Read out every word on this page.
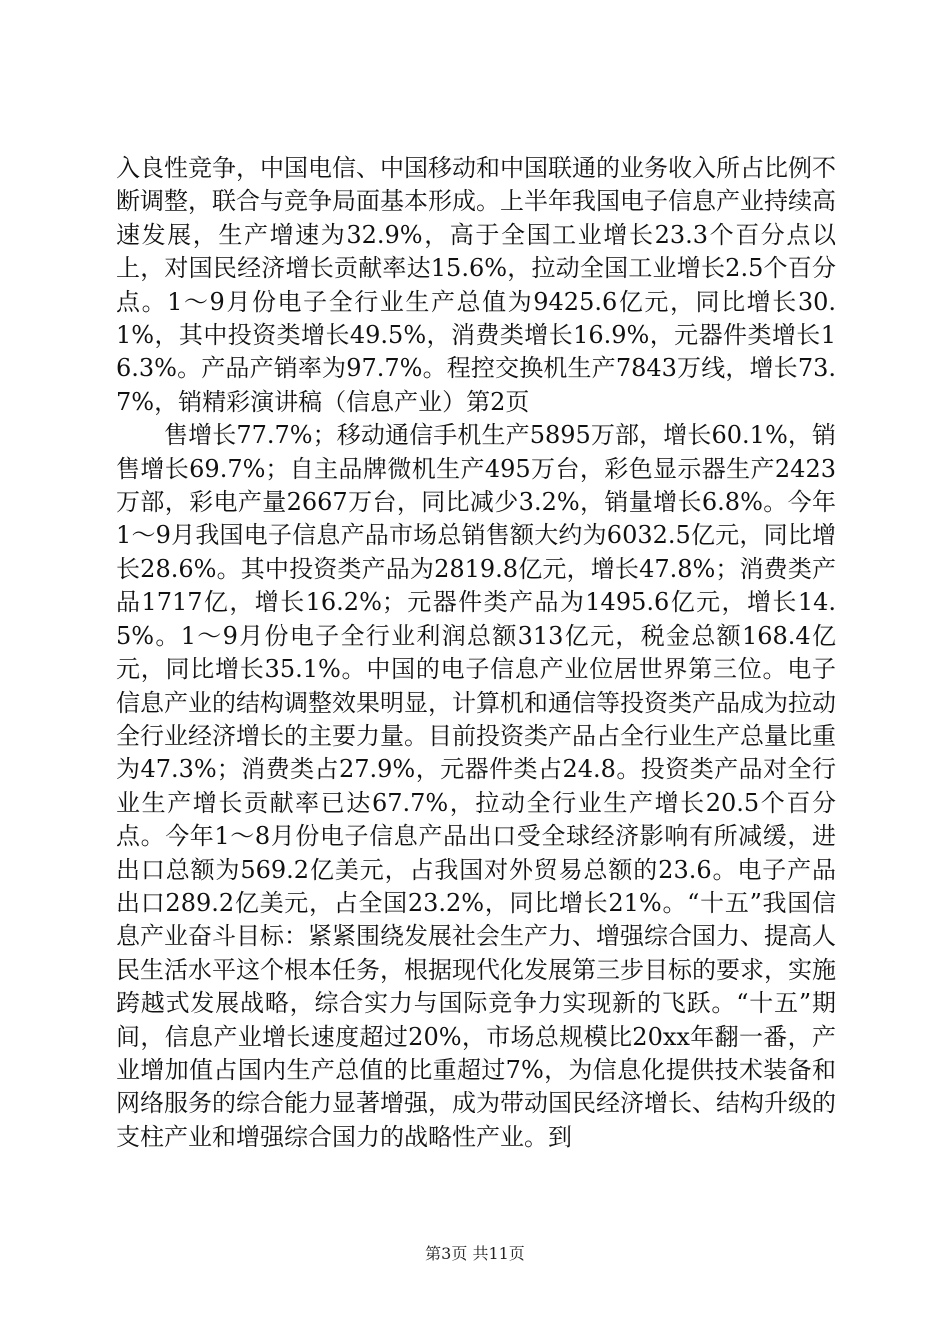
入良性竞争，中国电信、中国移动和中国联通的业务收入所占比例不断调整，联合与竞争局面基本形成。上半年我国电子信息产业持续高速发展，生产增速为32.9%，高于全国工业增长23.3个百分点以上，对国民经济增长贡献率达15.6%，拉动全国工业增长2.5个百分点。1～9月份电子全行业生产总值为9425.6亿元，同比增长30.1%，其中投资类增长49.5%，消费类增长16.9%，元器件类增长16.3%。产品产销率为97.7%。程控交换机生产7843万线，增长73.7%，销精彩演讲稿（信息产业）第2页

售增长77.7%；移动通信手机生产5895万部，增长60.1%，销售增长69.7%；自主品牌微机生产495万台，彩色显示器生产2423万部，彩电产量2667万台，同比减少3.2%，销量增长6.8%。今年1～9月我国电子信息产品市场总销售额大约为6032.5亿元，同比增长28.6%。其中投资类产品为2819.8亿元，增长47.8%；消费类产品1717亿，增长16.2%；元器件类产品为1495.6亿元，增长14.5%。1～9月份电子全行业利润总额313亿元，税金总额168.4亿元，同比增长35.1%。中国的电子信息产业位居世界第三位。电子信息产业的结构调整效果明显，计算机和通信等投资类产品成为拉动全行业经济增长的主要力量。目前投资类产品占全行业生产总量比重为47.3%；消费类占27.9%，元器件类占24.8。投资类产品对全行业生产增长贡献率已达67.7%，拉动全行业生产增长20.5个百分点。今年1～8月份电子信息产品出口受全球经济影响有所减缓，进出口总额为569.2亿美元，占我国对外贸易总额的23.6。电子产品出口289.2亿美元，占全国23.2%，同比增长21%。“十五”我国信息产业奋斗目标：紧紧围绕发展社会生产力、增强综合国力、提高人民生活水平这个根本任务，根据现代化发展第三步目标的要求，实施跨越式发展战略，综合实力与国际竞争力实现新的飞跃。“十五”期间，信息产业增长速度超过20%，市场总规模比20xx年翻一番，产业增加值占国内生产总值的比重超过7%，为信息化提供技术装备和网络服务的综合能力显著增强，成为带动国民经济增长、结构升级的支柱产业和增强综合国力的战略性产业。到

第3页 共11页
